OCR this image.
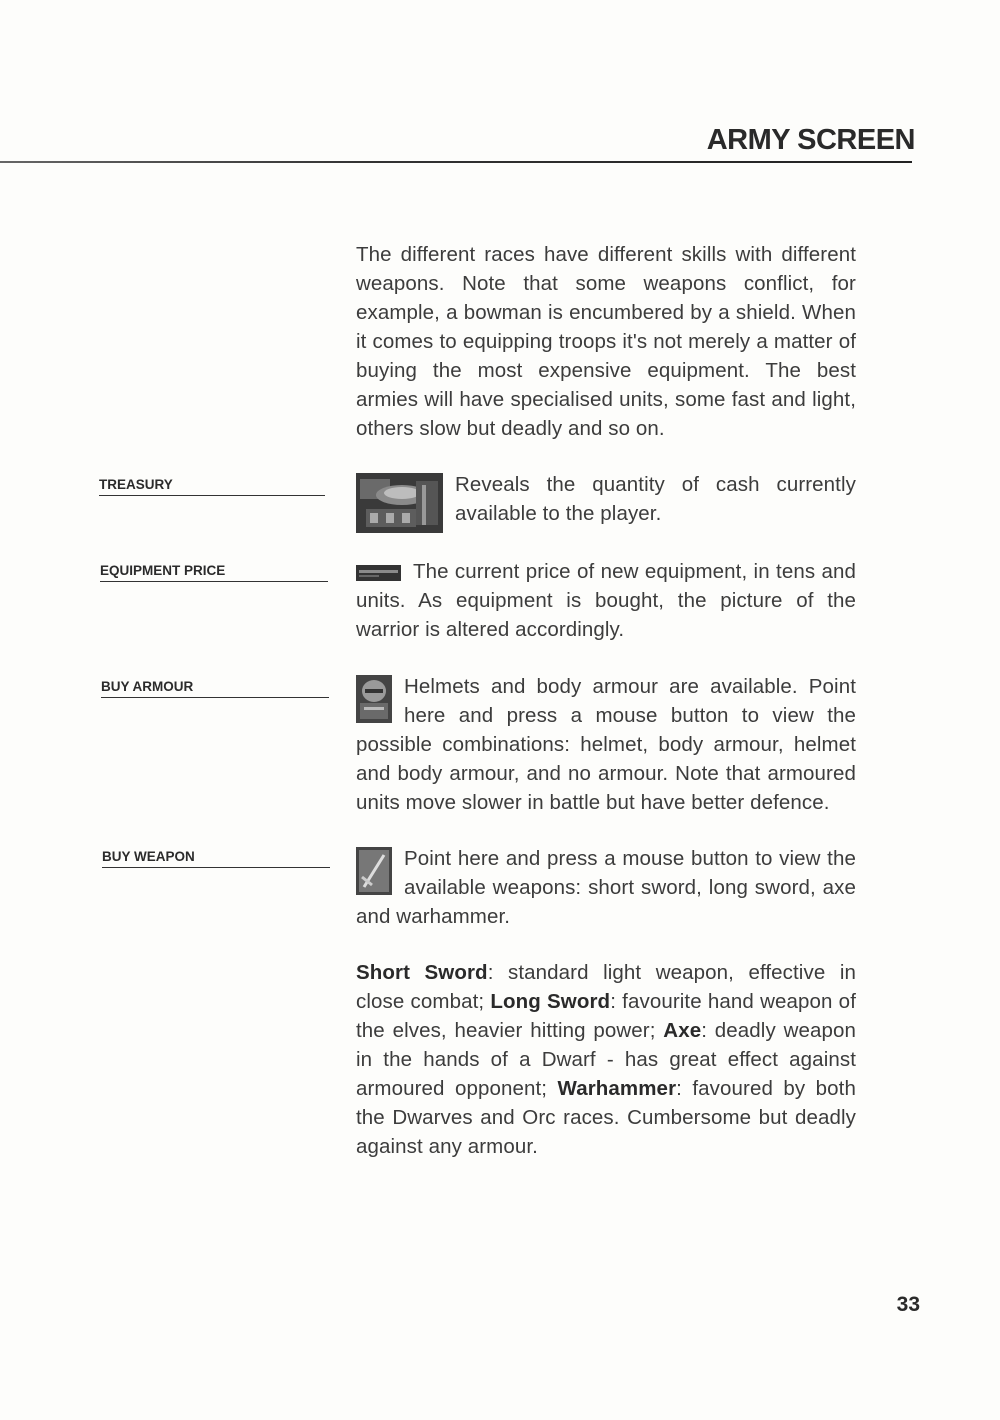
ARMY SCREEN
The different races have different skills with different weapons. Note that some weapons conflict, for example, a bowman is encumbered by a shield. When it comes to equipping troops it's not merely a matter of buying the most expensive equipment. The best armies will have specialised units, some fast and light, others slow but deadly and so on.
TREASURY	Reveals the quantity of cash currently available to the player.
EQUIPMENT PRICE	The current price of new equipment, in tens and units. As equipment is bought, the picture of the warrior is altered accordingly.
BUY ARMOUR	Helmets and body armour are available. Point here and press a mouse button to view the possible combinations: helmet, body armour, helmet and body armour, and no armour. Note that armoured units move slower in battle but have better defence.
BUY WEAPON	Point here and press a mouse button to view the available weapons: short sword, long sword, axe and warhammer.
Short Sword: standard light weapon, effective in close combat; Long Sword: favourite hand weapon of the elves, heavier hitting power; Axe: deadly weapon in the hands of a Dwarf - has great effect against armoured opponent; Warhammer: favoured by both the Dwarves and Orc races. Cumbersome but deadly against any armour.
33
